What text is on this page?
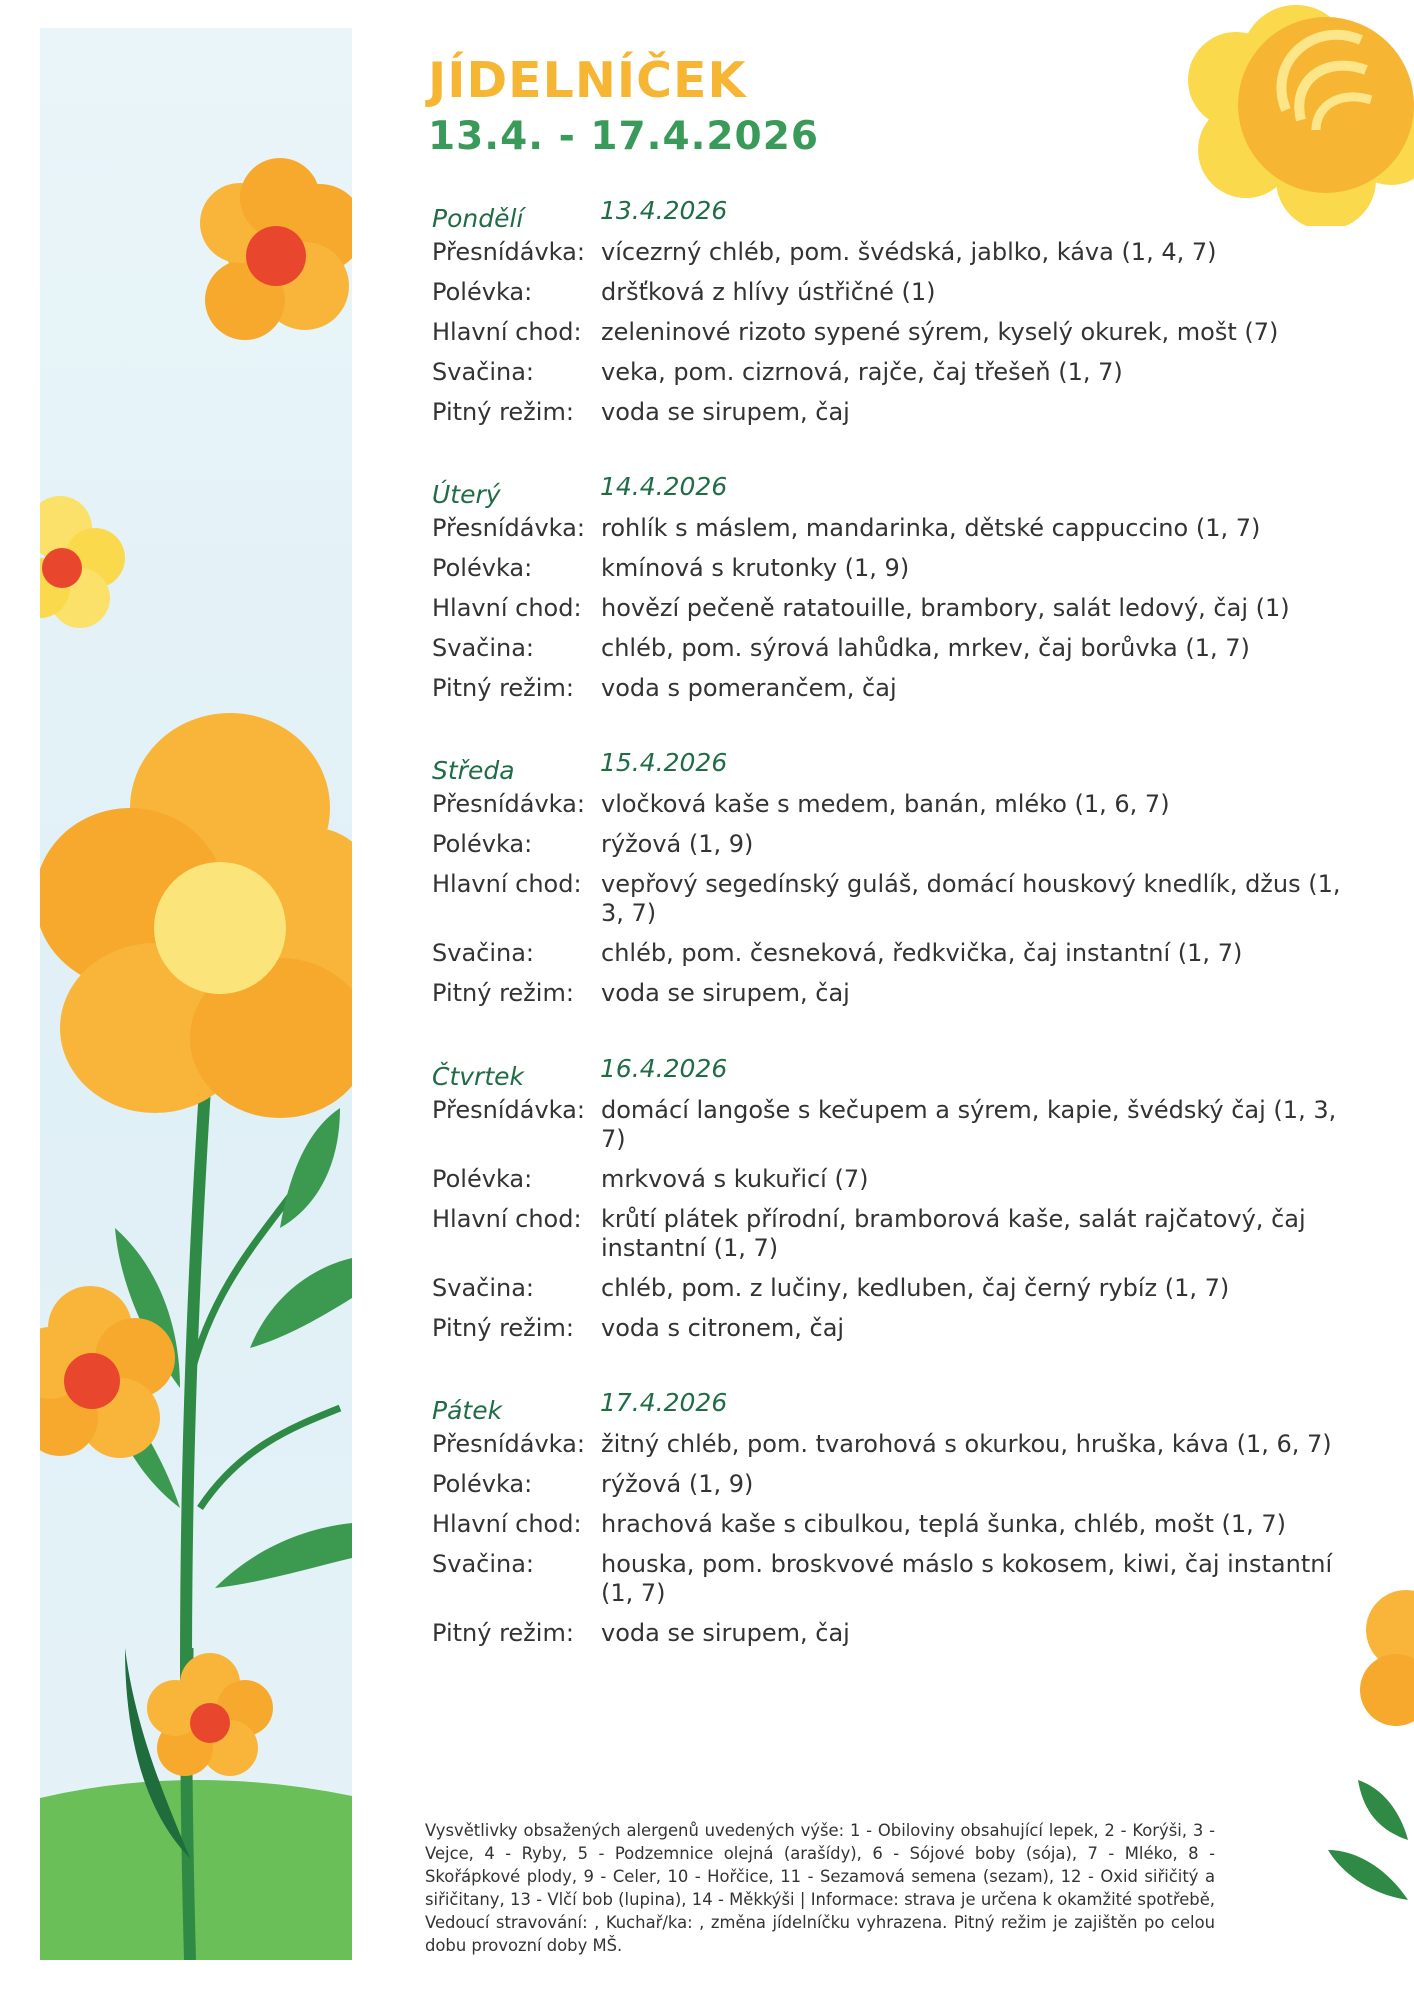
JÍDELNÍČEK
13.4. - 17.4.2026
Pondělí	13.4.2026
Přesnídávka: vícezrný chléb, pom. švédská, jablko, káva (1, 4, 7)
Polévka:	dršťková z hlívy ústřičné (1)
Hlavní chod: zeleninové rizoto sypené sýrem, kyselý okurek, mošt (7)
Svačina:	veka, pom. cizrnová, rajče, čaj třešeň (1, 7)
Pitný režim:	voda se sirupem, čaj
Úterý	14.4.2026
Přesnídávka: rohlík s máslem, mandarinka, dětské cappuccino (1, 7)
Polévka:	kmínová s krutonky (1, 9)
Hlavní chod: hovězí pečeně ratatouille, brambory, salát ledový, čaj (1)
Svačina:	chléb, pom. sýrová lahůdka, mrkev, čaj borůvka (1, 7)
Pitný režim:	voda s pomerančem, čaj
Středa	15.4.2026
Přesnídávka: vločková kaše s medem, banán, mléko (1, 6, 7)
Polévka:	rýžová (1, 9)
Hlavní chod: vepřový segedínský guláš, domácí houskový knedlík, džus (1, 3, 7)
Svačina:	chléb, pom. česneková, ředkvička, čaj instantní (1, 7)
Pitný režim:	voda se sirupem, čaj
Čtvrtek	16.4.2026
Přesnídávka: domácí langoše s kečupem a sýrem, kapie, švédský čaj (1, 3, 7)
Polévka:	mrkvová s kukuřicí (7)
Hlavní chod: krůtí plátek přírodní, bramborová kaše, salát rajčatový, čaj instantní (1, 7)
Svačina:	chléb, pom. z lučiny, kedluben, čaj černý rybíz (1, 7)
Pitný režim:	voda s citronem, čaj
Pátek	17.4.2026
Přesnídávka: žitný chléb, pom. tvarohová s okurkou, hruška, káva (1, 6, 7)
Polévka:	rýžová (1, 9)
Hlavní chod: hrachová kaše s cibulkou, teplá šunka, chléb, mošt (1, 7)
Svačina:	houska, pom. broskvové máslo s kokosem, kiwi, čaj instantní (1, 7)
Pitný režim:	voda se sirupem, čaj

Vysvětlivky obsažených alergenů uvedených výše: 1 - Obiloviny obsahující lepek, 2 - Korýši, 3 - Vejce, 4 - Ryby, 5 - Podzemnice olejná (arašídy), 6 - Sójové boby (sója), 7 - Mléko, 8 - Skořápkové plody, 9 - Celer, 10 - Hořčice, 11 - Sezamová semena (sezam), 12 - Oxid siřičitý a siřičitany, 13 - Vlčí bob (lupina), 14 - Měkkýši | Informace: strava je určena k okamžité spotřebě, Vedoucí stravování: , Kuchař/ka: , změna jídelníčku vyhrazena. Pitný režim je zajištěn po celou dobu provozní doby MŠ.
